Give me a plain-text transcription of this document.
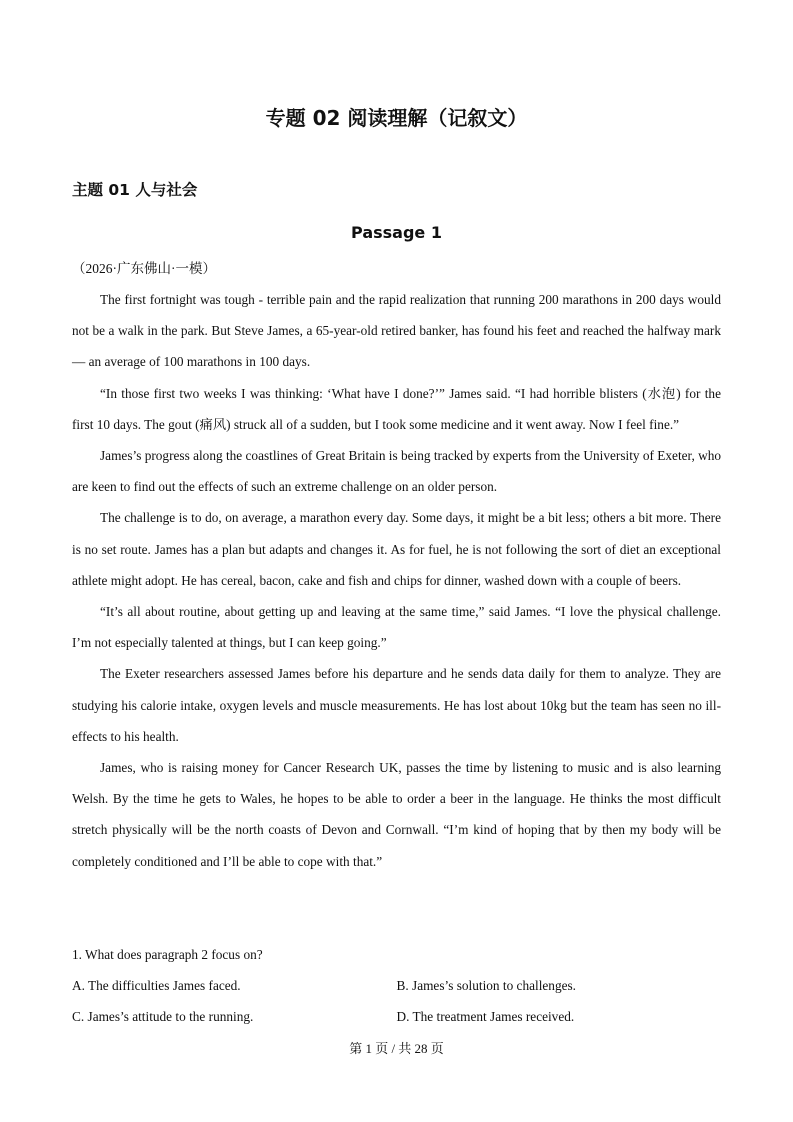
专题 02 阅读理解（记叙文）
主题 01 人与社会
Passage 1
（2026·广东佛山·一模）

The first fortnight was tough - terrible pain and the rapid realization that running 200 marathons in 200 days would not be a walk in the park. But Steve James, a 65-year-old retired banker, has found his feet and reached the halfway mark — an average of 100 marathons in 100 days.

“In those first two weeks I was thinking: ‘What have I done?’” James said. “I had horrible blisters (水泡) for the first 10 days. The gout (痛风) struck all of a sudden, but I took some medicine and it went away. Now I feel fine.”

James’s progress along the coastlines of Great Britain is being tracked by experts from the University of Exeter, who are keen to find out the effects of such an extreme challenge on an older person.

The challenge is to do, on average, a marathon every day. Some days, it might be a bit less; others a bit more. There is no set route. James has a plan but adapts and changes it. As for fuel, he is not following the sort of diet an exceptional athlete might adopt. He has cereal, bacon, cake and fish and chips for dinner, washed down with a couple of beers.

“It’s all about routine, about getting up and leaving at the same time,” said James. “I love the physical challenge. I’m not especially talented at things, but I can keep going.”

The Exeter researchers assessed James before his departure and he sends data daily for them to analyze. They are studying his calorie intake, oxygen levels and muscle measurements. He has lost about 10kg but the team has seen no ill-effects to his health.

James, who is raising money for Cancer Research UK, passes the time by listening to music and is also learning Welsh. By the time he gets to Wales, he hopes to be able to order a beer in the language. He thinks the most difficult stretch physically will be the north coasts of Devon and Cornwall. “I’m kind of hoping that by then my body will be completely conditioned and I’ll be able to cope with that.”

1. What does paragraph 2 focus on?

A. The difficulties James faced.	B. James’s solution to challenges.
C. James’s attitude to the running.	D. The treatment James received.
第 1 页 / 共 28 页
